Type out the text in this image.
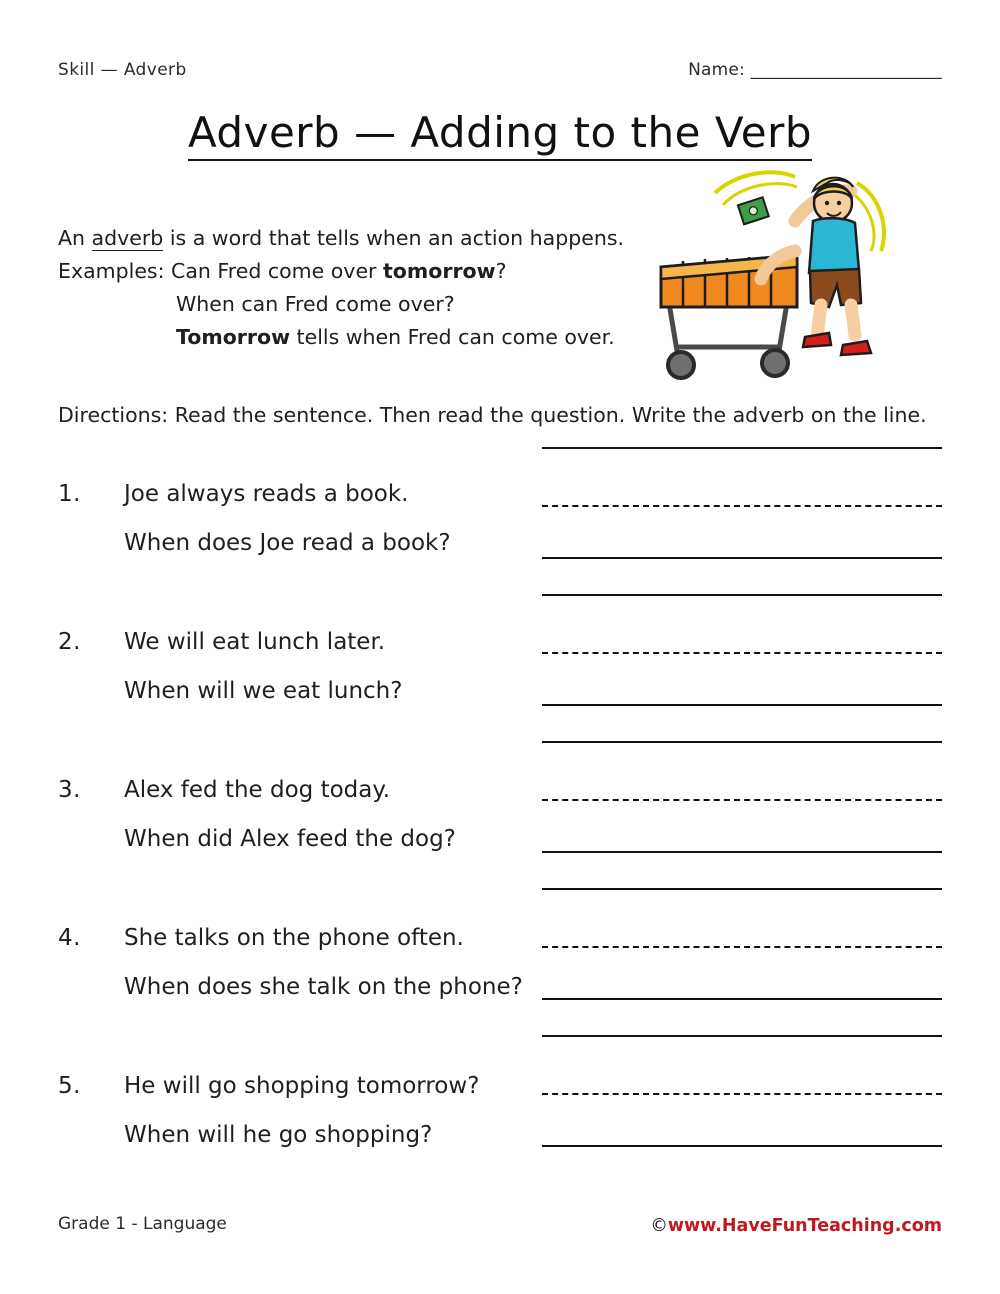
Skill — Adverb	Name: ______________________
Adverb — Adding to the Verb
An adverb is a word that tells when an action happens.
Examples: Can Fred come over tomorrow?
When can Fred come over?
Tomorrow tells when Fred can come over.
Directions: Read the sentence. Then read the question. Write the adverb on the line.
1.	Joe always reads a book.
When does Joe read a book?
2.	We will eat lunch later.
When will we eat lunch?
3.	Alex fed the dog today.
When did Alex feed the dog?
4.	She talks on the phone often.
When does she talk on the phone?
5.	He will go shopping tomorrow?
When will he go shopping?
Grade 1 - Language	©www.HaveFunTeaching.com
